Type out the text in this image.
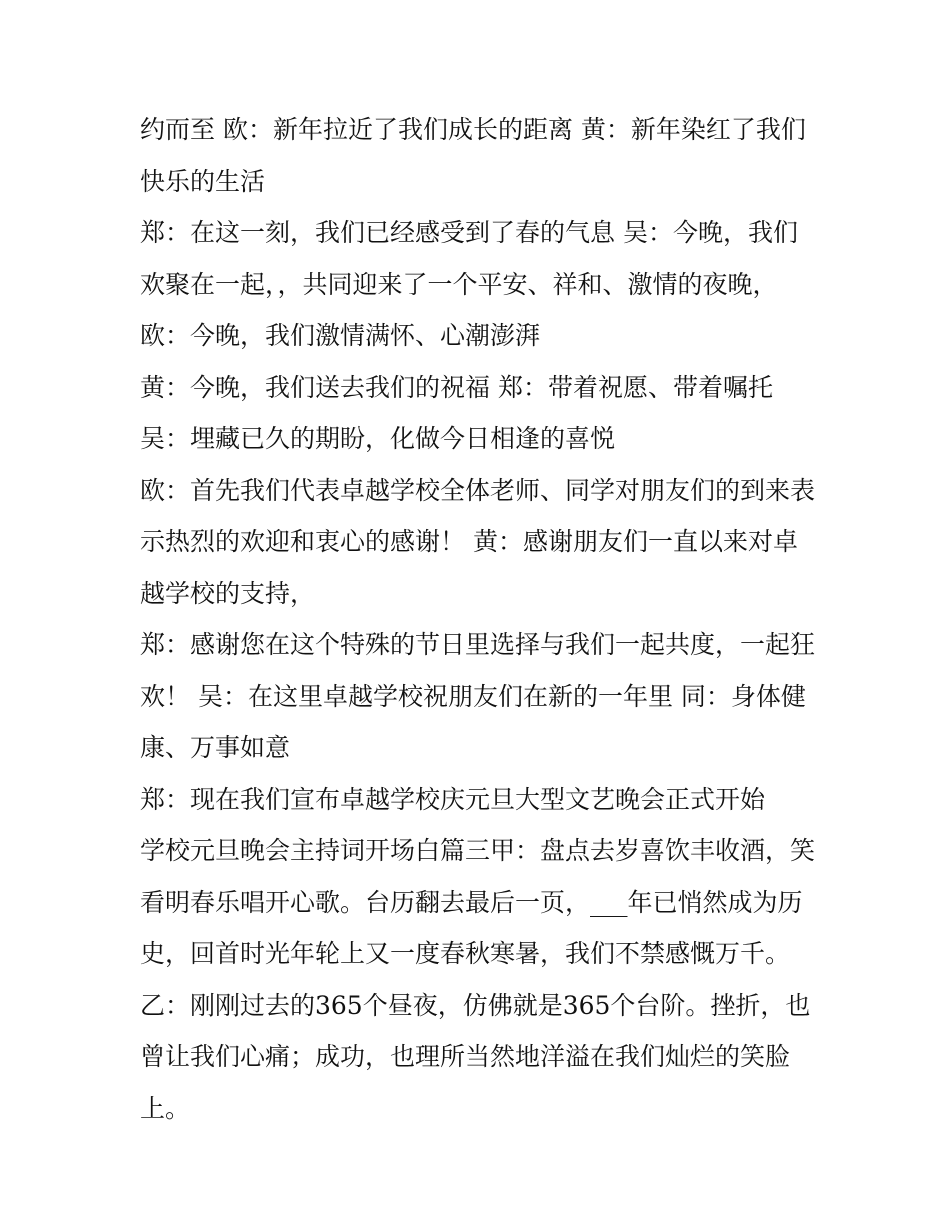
约而至 欧：新年拉近了我们成长的距离 黄：新年染红了我们
快乐的生活
郑：在这一刻，我们已经感受到了春的气息 吴：今晚，我们
欢聚在一起，，共同迎来了一个平安、祥和、激情的夜晚，
欧：今晚，我们激情满怀、心潮澎湃
黄：今晚，我们送去我们的祝福 郑：带着祝愿、带着嘱托
吴：埋藏已久的期盼，化做今日相逢的喜悦
欧：首先我们代表卓越学校全体老师、同学对朋友们的到来表
示热烈的欢迎和衷心的感谢！ 黄：感谢朋友们一直以来对卓
越学校的支持，
郑：感谢您在这个特殊的节日里选择与我们一起共度，一起狂
欢！ 吴：在这里卓越学校祝朋友们在新的一年里 同：身体健
康、万事如意
郑：现在我们宣布卓越学校庆元旦大型文艺晚会正式开始
学校元旦晚会主持词开场白篇三甲：盘点去岁喜饮丰收酒，笑
看明春乐唱开心歌。台历翻去最后一页，___年已悄然成为历
史，回首时光年轮上又一度春秋寒暑，我们不禁感慨万千。
乙：刚刚过去的365个昼夜，仿佛就是365个台阶。挫折，也
曾让我们心痛；成功，也理所当然地洋溢在我们灿烂的笑脸
上。
